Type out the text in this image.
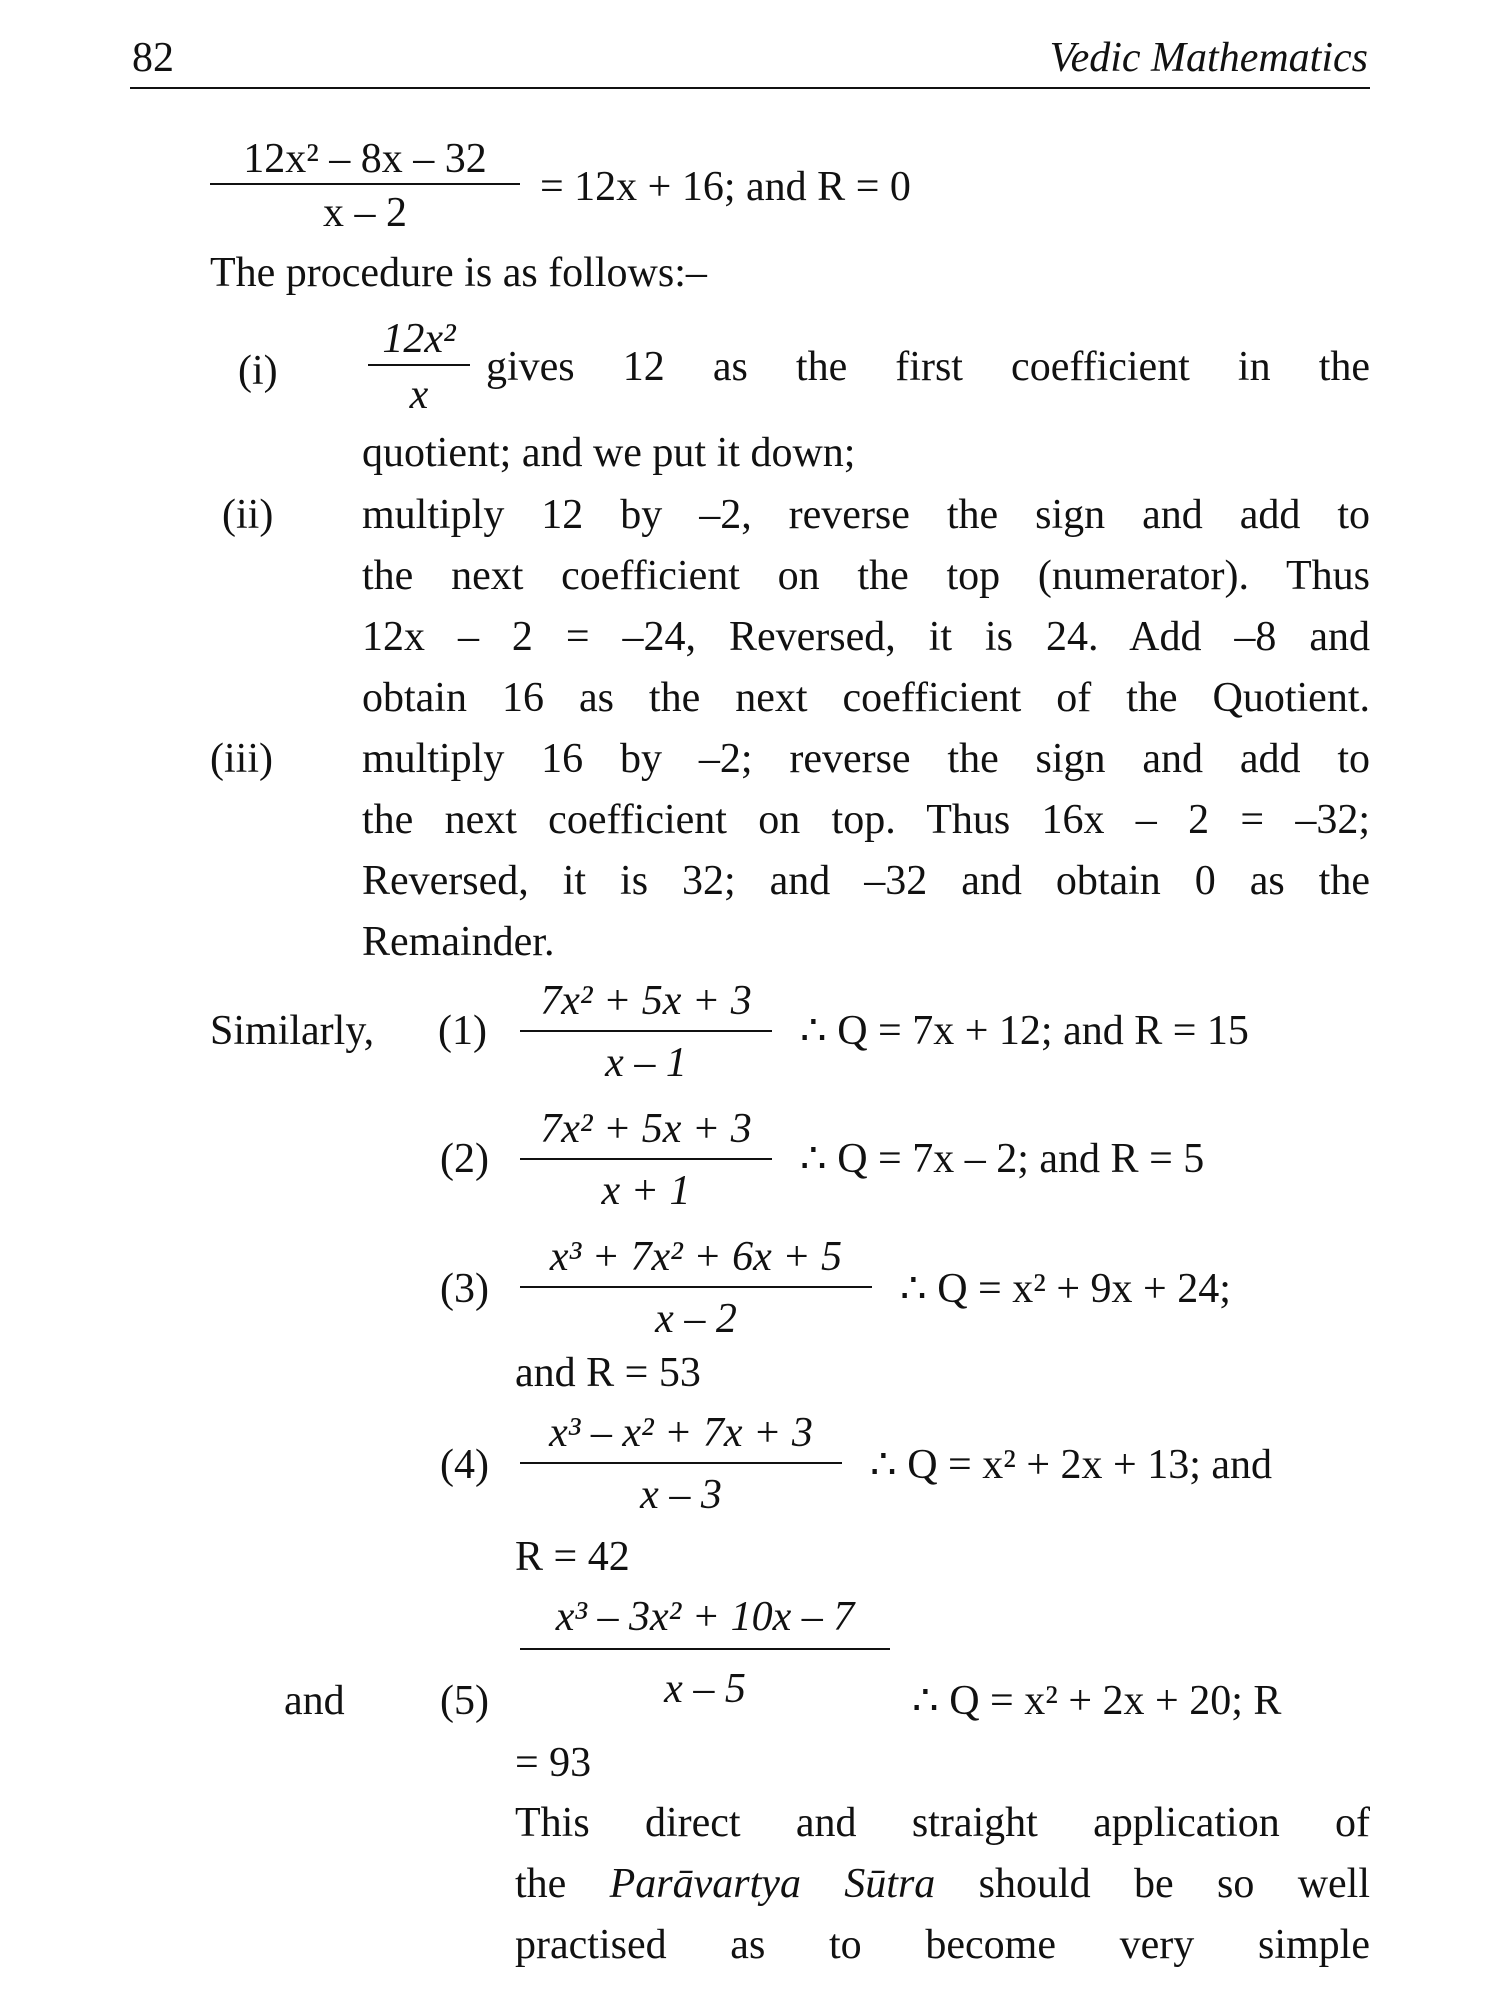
82	Vedic Mathematics
12x² – 8x – 32
x – 2
= 12x + 16; and R = 0
The procedure is as follows:–
(i)
12x²
x
gives 12 as the first coefficient in the
quotient; and we put it down;
(ii) multiply 12 by –2, reverse the sign and add to
the next coefficient on the top (numerator). Thus
12x – 2 = –24, Reversed, it is 24. Add –8 and
obtain 16 as the next coefficient of the Quotient.
(iii) multiply 16 by –2; reverse the sign and add to
the next coefficient on top. Thus 16x – 2 = –32;
Reversed, it is 32; and –32 and obtain 0 as the
Remainder.
Similarly, (1)
7x² + 5x + 3
x – 1
∴ Q = 7x + 12; and R = 15
(2)
7x² + 5x + 3
x + 1
∴ Q = 7x – 2; and R = 5
(3)
x³ + 7x² + 6x + 5
x – 2
∴ Q = x² + 9x + 24;
and R = 53
(4)
x³ – x² + 7x + 3
x – 3
∴ Q = x² + 2x + 13; and
R = 42
and (5)
x³ – 3x² + 10x – 7
x – 5	∴ Q = x² + 2x + 20; R
= 93
This direct and straight application of
the Parāvartya Sūtra should be so well
practised as to become very simple
